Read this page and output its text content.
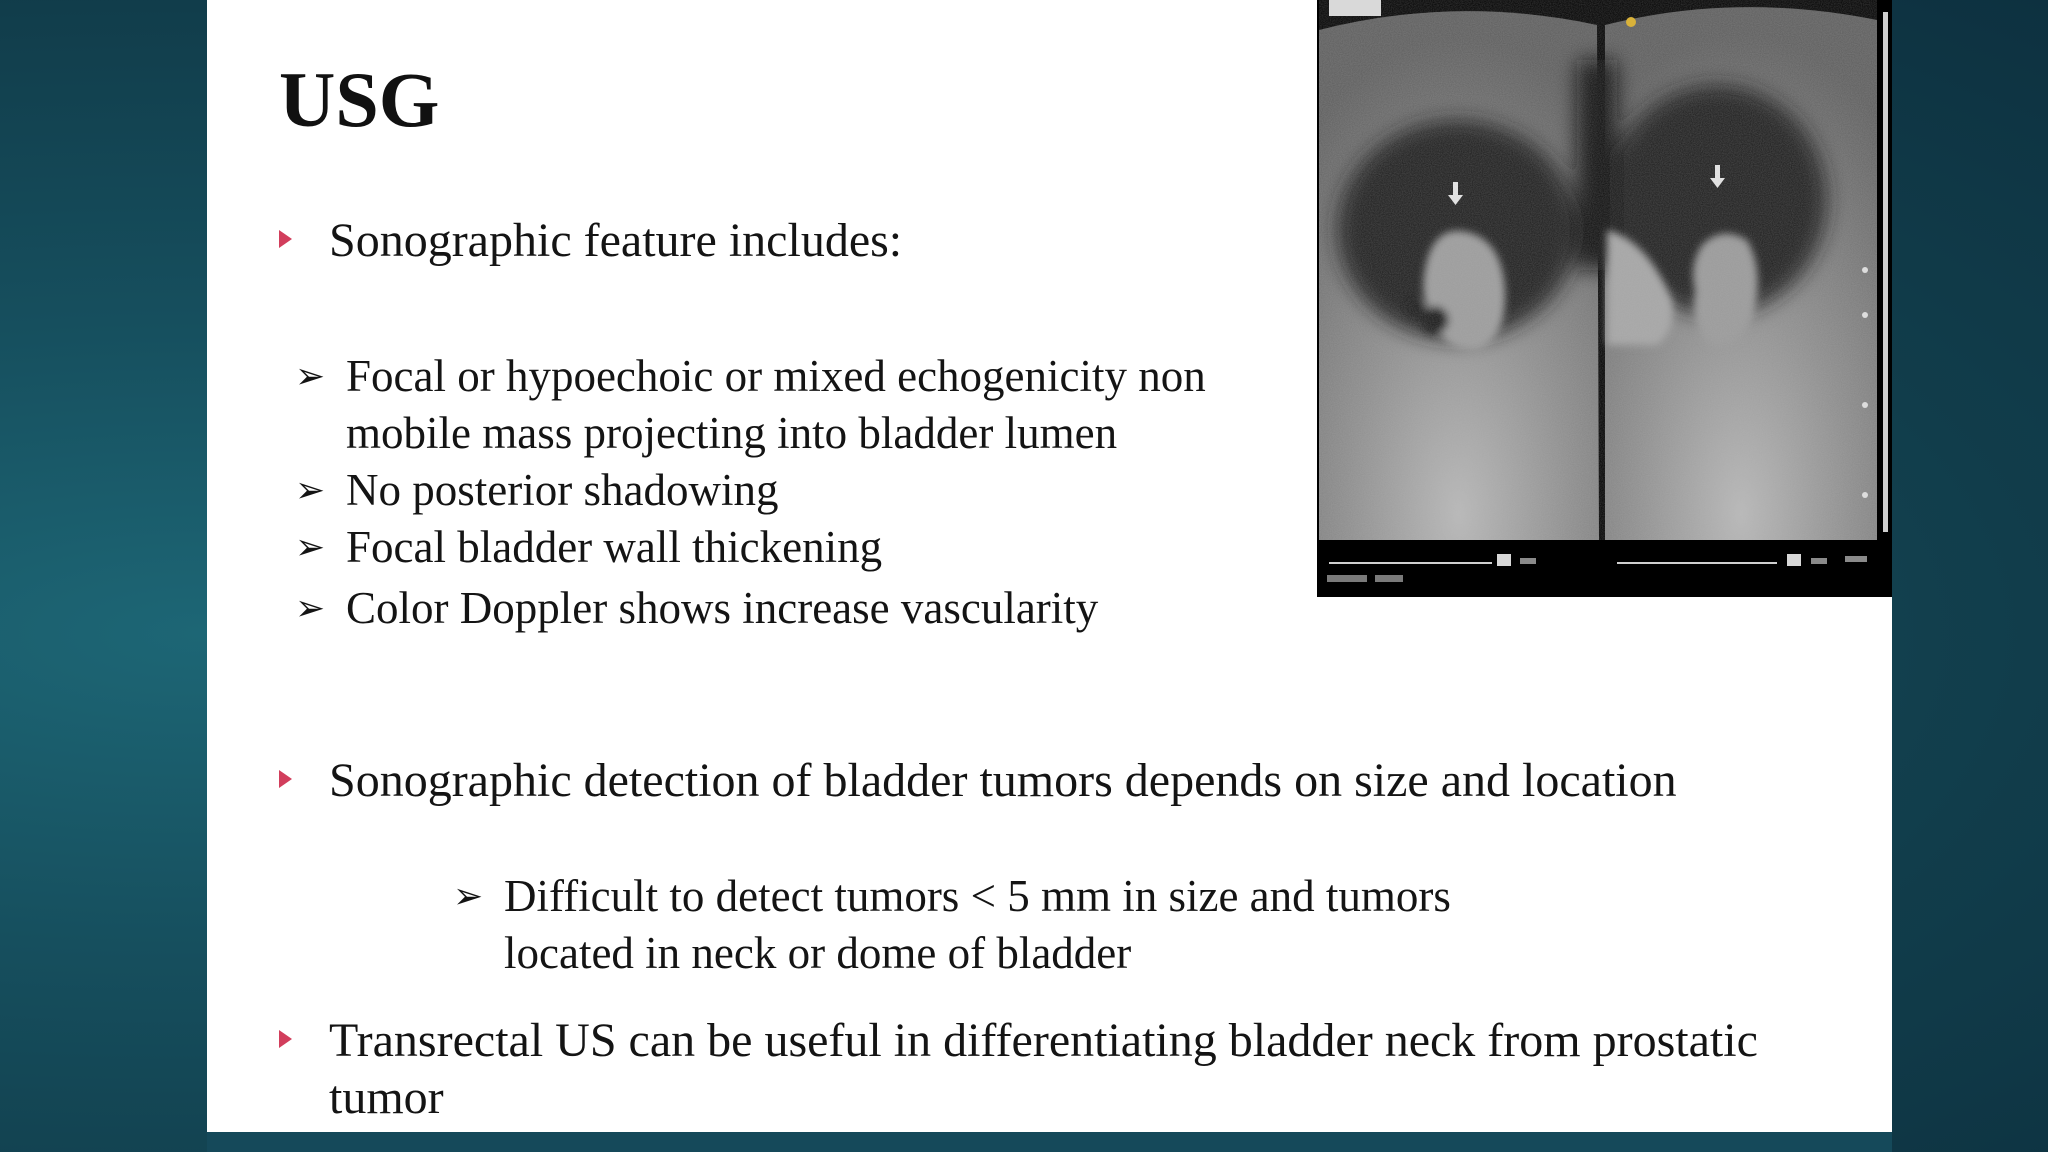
USG
Sonographic feature includes:
➢ Focal or hypoechoic or mixed echogenicity non mobile mass projecting into bladder lumen
➢ No posterior shadowing
➢ Focal bladder wall thickening
➢ Color Doppler shows increase vascularity
Sonographic detection of bladder tumors depends on size and location
➢ Difficult to detect tumors < 5 mm in size and tumors located in neck or dome of bladder
Transrectal US can be useful in differentiating bladder neck from prostatic tumor
